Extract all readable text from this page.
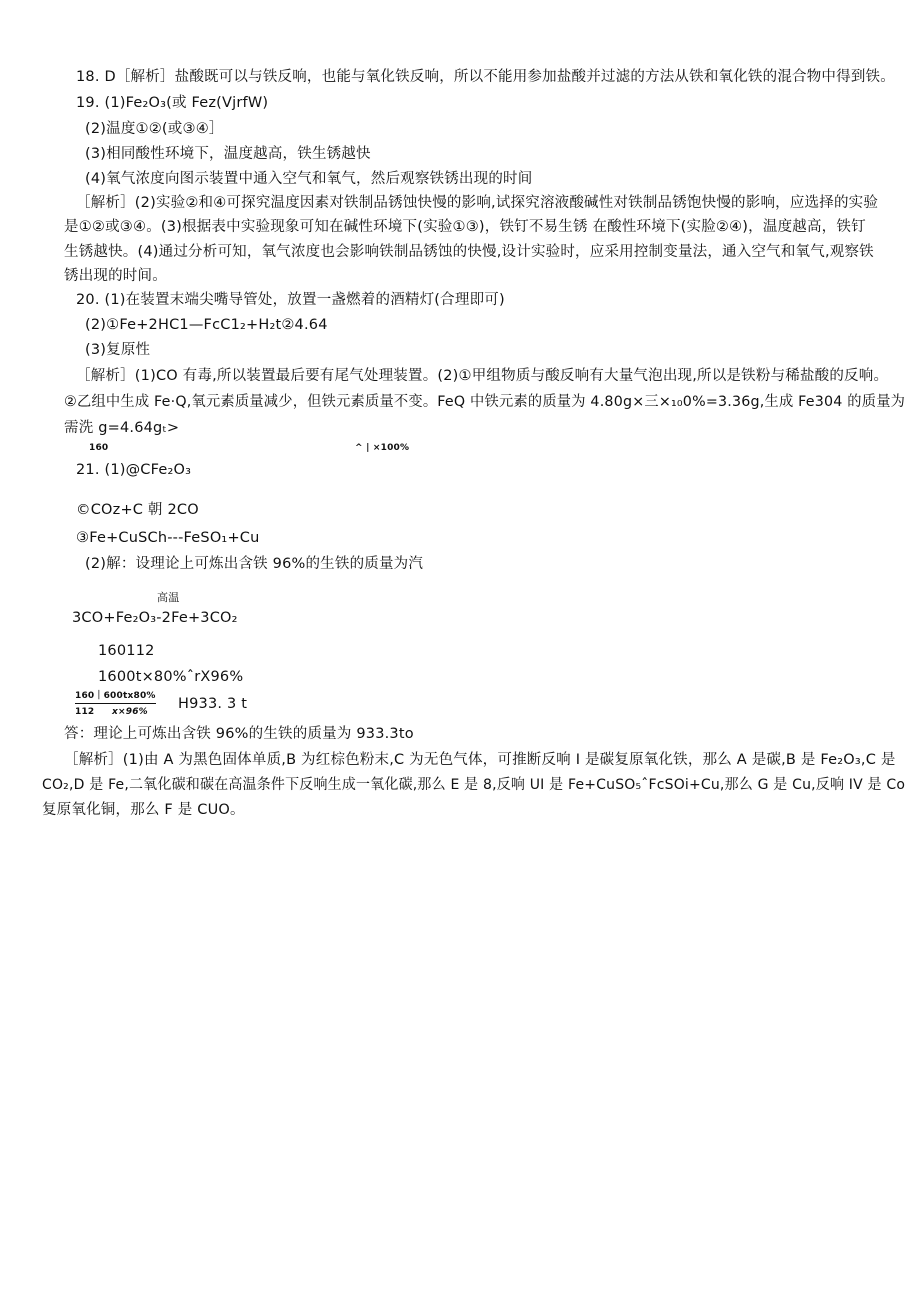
18. D［解析］盐酸既可以与铁反响，也能与氧化铁反响，所以不能用参加盐酸并过滤的方法从铁和氧化铁的混合物中得到铁。
19. (1)Fe₂O₃(或 Fez(VjrfW)
(2)温度①②(或③④］
(3)相同酸性环境下，温度越高，铁生锈越快
(4)氧气浓度向图示装置中通入空气和氧气，然后观察铁锈出现的时间
［解析］(2)实验②和④可探究温度因素对铁制品锈蚀快慢的影响,试探究溶液酸碱性对铁制品锈饱快慢的影响，应选择的实验
是①②或③④。(3)根据表中实验现象可知在碱性环境下(实验①③)，铁钉不易生锈 在酸性环境下(实脸②④)，温度越高，铁钉
生锈越快。(4)通过分析可知，氧气浓度也会影响铁制品锈蚀的快慢,设计实验时，应采用控制变量法，通入空气和氧气,观察铁
锈出现的时间。
20. (1)在装置末端尖嘴导管处，放置一盏燃着的酒精灯(合理即可)
(2)①Fe+2HC1—FcC1₂+H₂t②4.64
(3)复原性
［解析］(1)CO 有毒,所以装置最后要有尾气处理装置。(2)①甲组物质与酸反响有大量气泡出现,所以是铁粉与稀盐酸的反响。
②乙组中生成 Fe·Q,氧元素质量减少，但铁元素质量不变。FeQ 中铁元素的质量为 4.80g×三×₁₀0%=3.36g,生成 Fe304 的质量为
需洗 g=4.64gₜ>
160	^ | ×100%
21. (1)@CFe₂O₃
©COz+C 朝 2CO
③Fe+CuSCh---FeSO₁+Cu
(2)解：设理论上可炼出含铁 96%的生铁的质量为汽
高温
3CO+Fe₂O₃-2Fe+3CO₂
160112
1600t×80%ˆrX96%
160｜600tx80% H933. 3 t
112 x×96%
答：理论上可炼出含铁 96%的生铁的质量为 933.3to
［解析］(1)由 A 为黑色固体单质,B 为红棕色粉末,C 为无色气体，可推断反响 I 是碳复原氧化铁，那么 A 是碳,B 是 Fe₂O₃,C 是
CO₂,D 是 Fe,二氧化碳和碳在高温条件下反响生成一氧化碳,那么 E 是 8,反响 UI 是 Fe+CuSO₅ˆFcSOi+Cu,那么 G 是 Cu,反响 IV 是 Co
复原氧化铜，那么 F 是 CUO。
